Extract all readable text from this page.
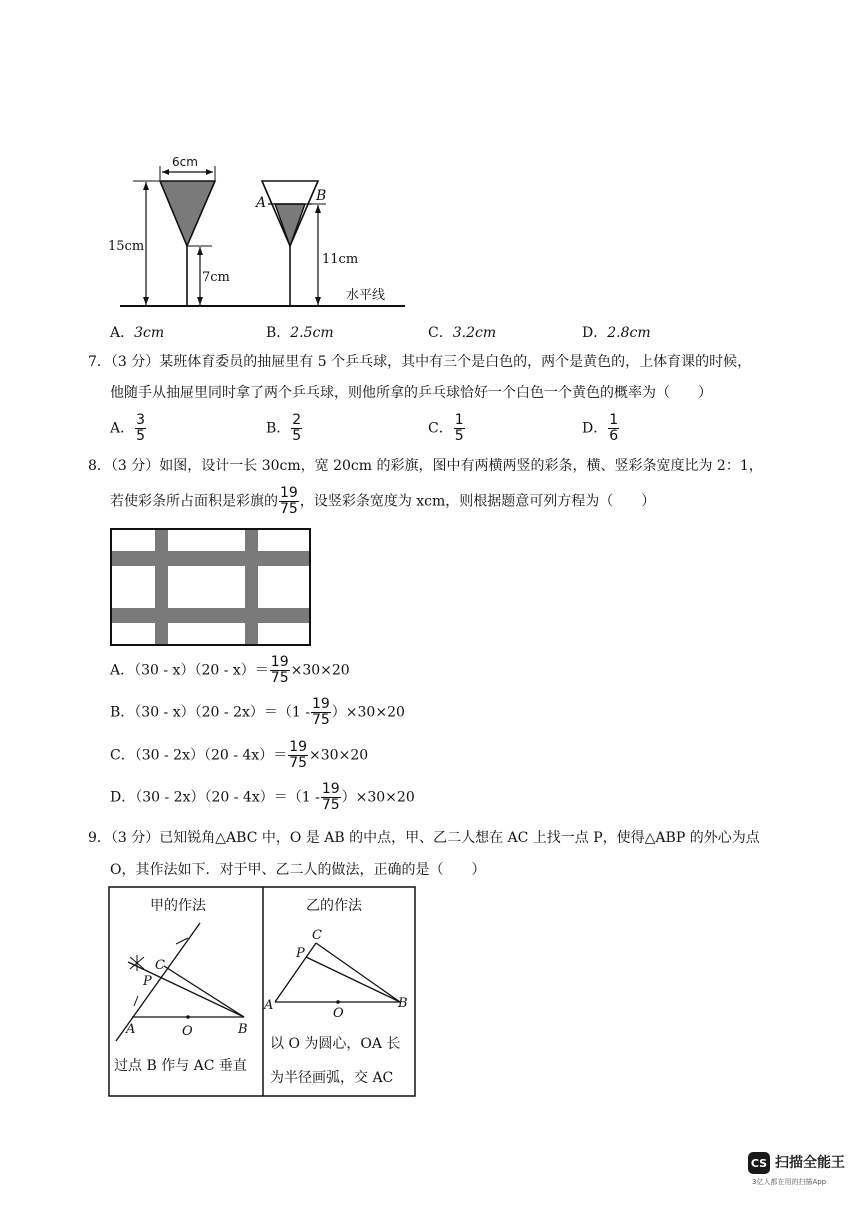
6cm
15cm
7cm
11cm
A	B
水平线
A．3cm	B．2.5cm	C．3.2cm	D．2.8cm
7．（3 分）某班体育委员的抽屉里有 5 个乒乓球，其中有三个是白色的，两个是黄色的，上体育课的时候，
他随手从抽屉里同时拿了两个乒乓球，则他所拿的乒乓球恰好一个白色一个黄色的概率为（　　）
A． $\frac{3}{5}$	B． $\frac{2}{5}$	C． $\frac{1}{5}$	D． $\frac{1}{6}$
8．（3 分）如图，设计一长 30cm，宽 20cm 的彩旗，图中有两横两竖的彩条，横、竖彩条宽度比为 2：1，
若使彩条所占面积是彩旗的 $\frac{19}{75}$ ，设竖彩条宽度为 xcm，则根据题意可列方程为（　　）
A．$(30 - x)(20 - x)= \frac{19}{75} \times 30\times 20$
B．$(30 - x)(20 - 2x)=(1 - \frac{19}{75} )\times 30\times 20$
C．$(30 - 2x)(20 - 4x)= \frac{19}{75} \times 30\times 20$
D．$(30 - 2x)(20 - 4x)=(1 - \frac{19}{75} )\times 30\times 20$
9．（3 分）已知锐角△ABC 中，O 是 AB 的中点，甲、乙二人想在 AC 上找一点 P，使得△ABP 的外心为点
O，其作法如下．对于甲、乙二人的做法，正确的是（　　）
甲的作法	乙的作法
C
P
A	O	B
过点 B 作与 AC 垂直
C
P
A
O
B
以 O 为圆心，OA 长
为半径画弧，交 AC
CS 扫描全能王
3亿人都在用的扫描App
